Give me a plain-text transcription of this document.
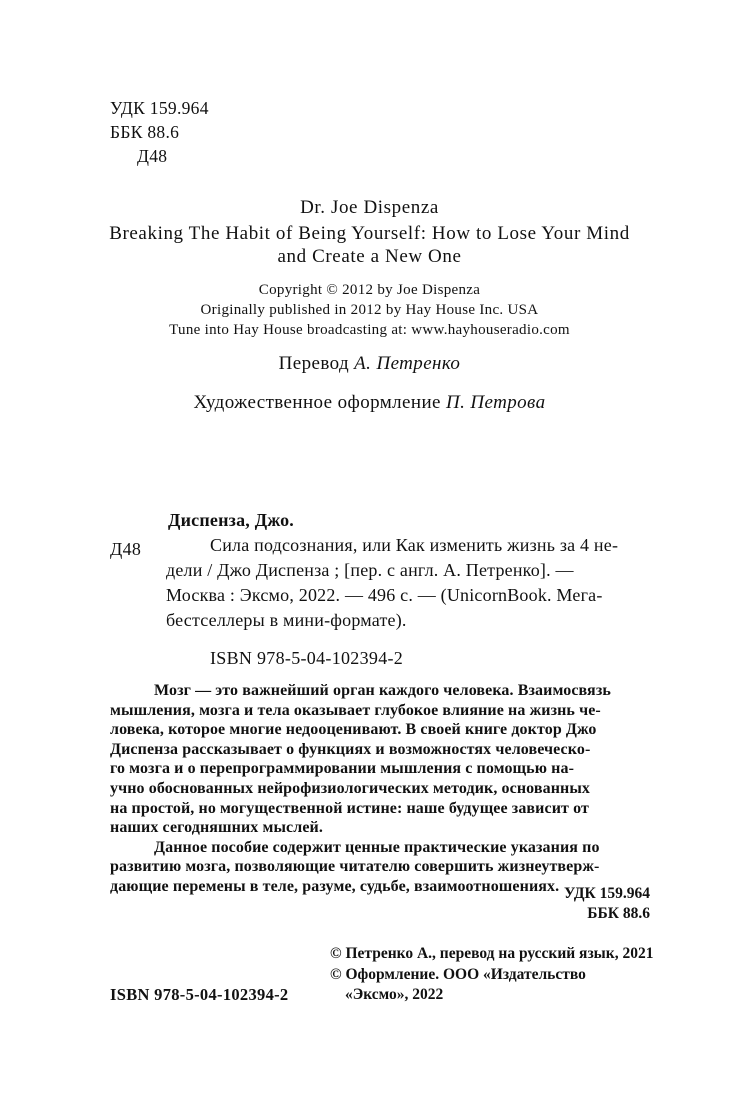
УДК 159.964
ББК 88.6
Д48
Dr. Joe Dispenza
Breaking The Habit of Being Yourself: How to Lose Your Mind
and Create a New One
Copyright © 2012 by Joe Dispenza
Originally published in 2012 by Hay House Inc. USA
Tune into Hay House broadcasting at: www.hayhouseradio.com
Перевод А. Петренко
Художественное оформление П. Петрова
Д48
Диспенза, Джо.
Сила подсознания, или Как изменить жизнь за 4 не-
дели / Джо Диспенза ; [пер. с англ. А. Петренко]. —
Москва : Эксмо, 2022. — 496 с. — (UnicornBook. Мега-
бестселлеры в мини-формате).
ISBN 978-5-04-102394-2
Мозг — это важнейший орган каждого человека. Взаимосвязь
мышления, мозга и тела оказывает глубокое влияние на жизнь че-
ловека, которое многие недооценивают. В своей книге доктор Джо
Диспенза рассказывает о функциях и возможностях человеческо-
го мозга и о перепрограммировании мышления с помощью на-
учно обоснованных нейрофизиологических методик, основанных
на простой, но могущественной истине: наше будущее зависит от
наших сегодняшних мыслей.
Данное пособие содержит ценные практические указания по
развитию мозга, позволяющие читателю совершить жизнеутверж-
дающие перемены в теле, разуме, судьбе, взаимоотношениях. УДК 159.964
ББК 88.6
© Петренко А., перевод на русский язык, 2021
© Оформление. ООО «Издательство
«Эксмо», 2022
ISBN 978-5-04-102394-2
